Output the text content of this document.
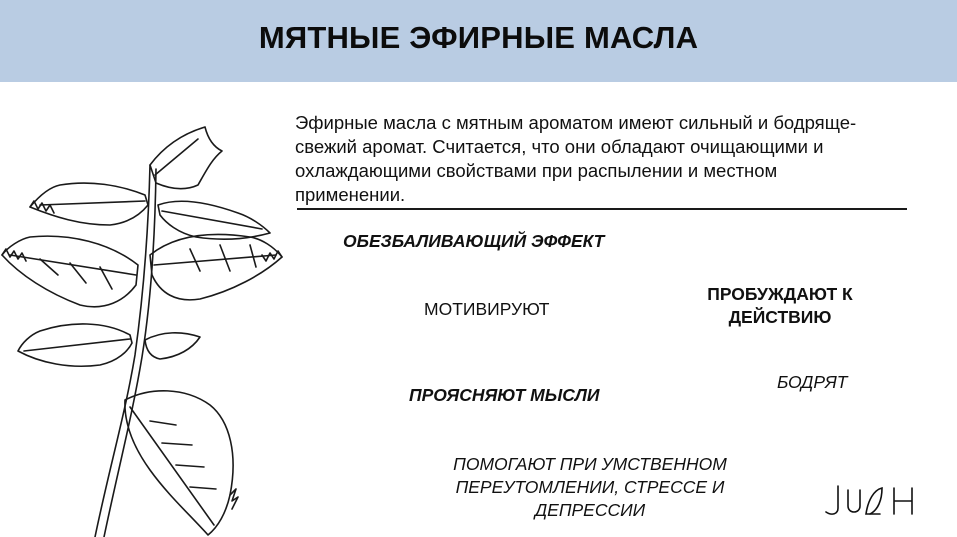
МЯТНЫЕ ЭФИРНЫЕ МАСЛА

Эфирные масла с мятным ароматом имеют сильный и бодряще-
свежий аромат. Считается, что они обладают очищающими и
охлаждающими свойствами при распылении и местном
применении.

ОБЕЗБАЛИВАЮЩИЙ ЭФФЕКТ
МОТИВИРУЮТ
ПРОБУЖДАЮТ К
ДЕЙСТВИЮ
БОДРЯТ
ПРОЯСНЯЮТ МЫСЛИ
ПОМОГАЮТ ПРИ УМСТВЕННОМ
ПЕРЕУТОМЛЕНИИ, СТРЕССЕ И
ДЕПРЕССИИ
JUAH
